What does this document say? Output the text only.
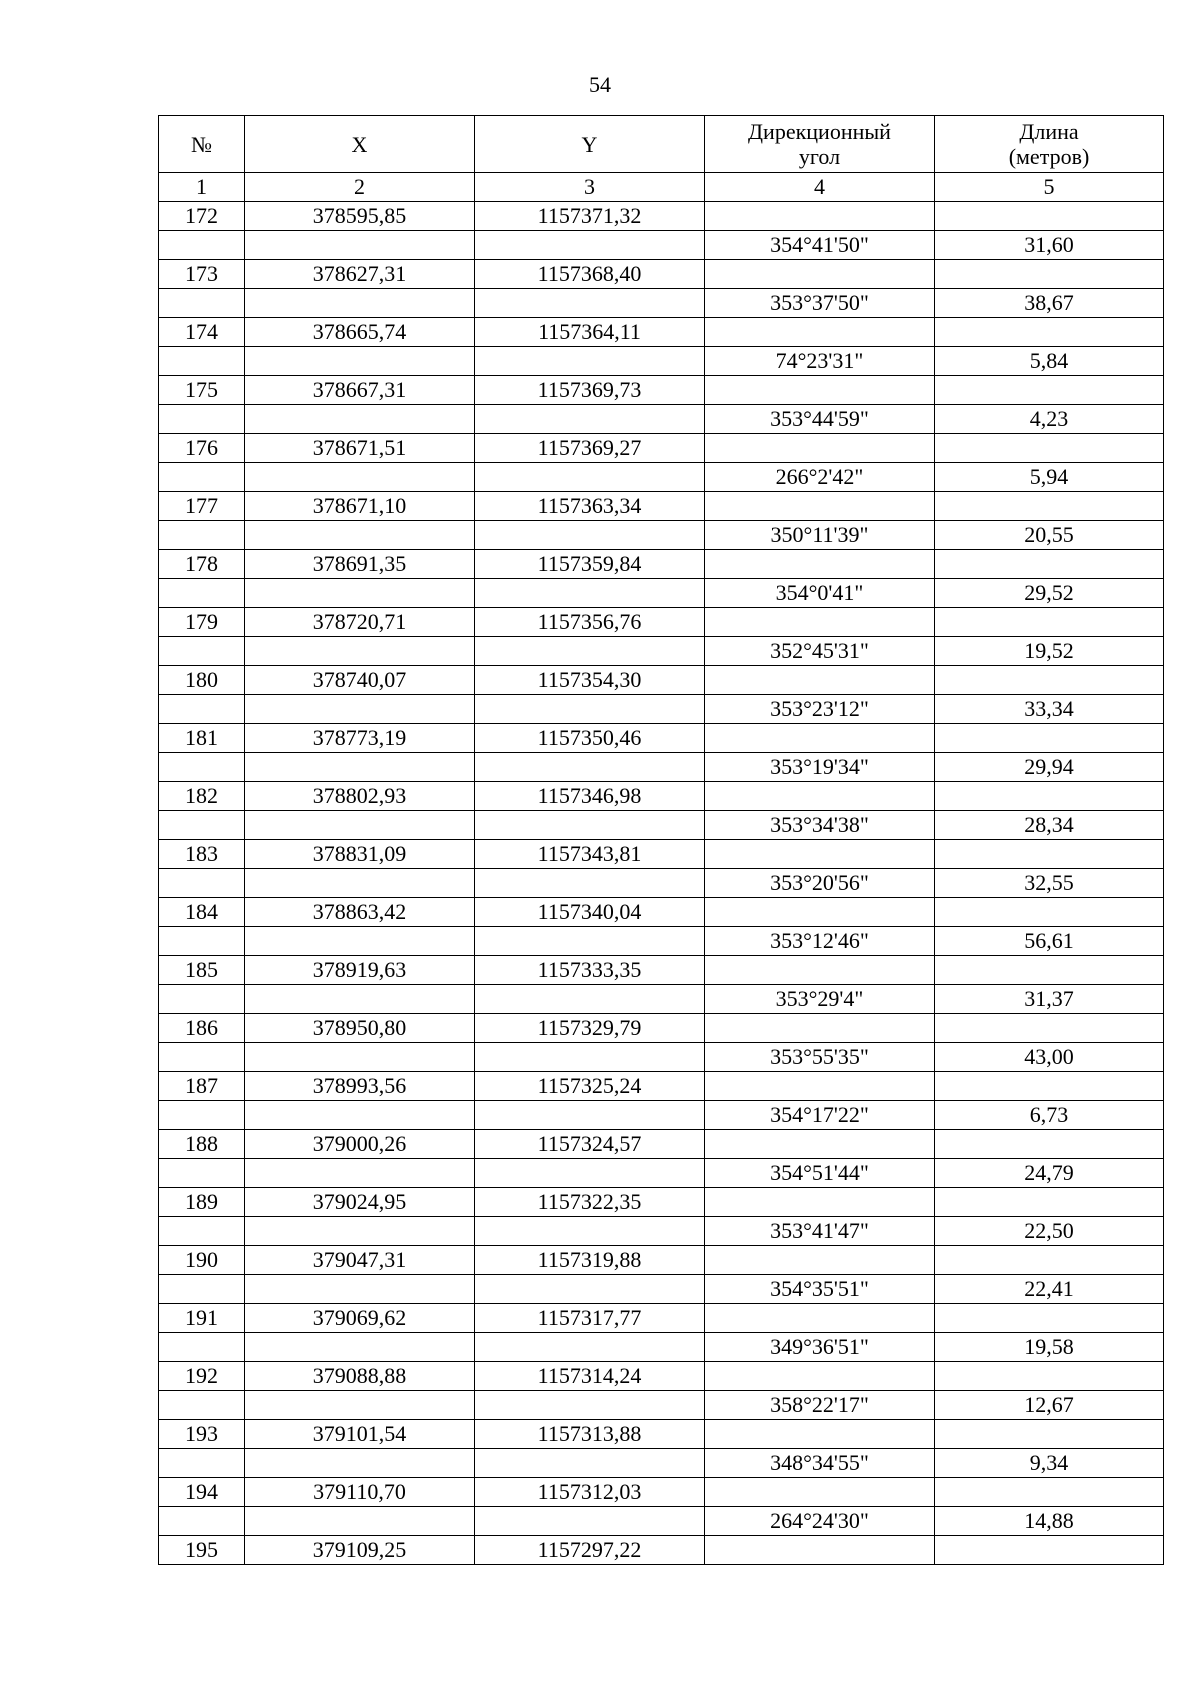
54
№	X	Y	Дирекционный угол	Длина (метров)
1	2	3	4	5
172	378595,85	1157371,32		
			354°41'50"	31,60
173	378627,31	1157368,40		
			353°37'50"	38,67
174	378665,74	1157364,11		
			74°23'31"	5,84
175	378667,31	1157369,73		
			353°44'59"	4,23
176	378671,51	1157369,27		
			266°2'42"	5,94
177	378671,10	1157363,34		
			350°11'39"	20,55
178	378691,35	1157359,84		
			354°0'41"	29,52
179	378720,71	1157356,76		
			352°45'31"	19,52
180	378740,07	1157354,30		
			353°23'12"	33,34
181	378773,19	1157350,46		
			353°19'34"	29,94
182	378802,93	1157346,98		
			353°34'38"	28,34
183	378831,09	1157343,81		
			353°20'56"	32,55
184	378863,42	1157340,04		
			353°12'46"	56,61
185	378919,63	1157333,35		
			353°29'4"	31,37
186	378950,80	1157329,79		
			353°55'35"	43,00
187	378993,56	1157325,24		
			354°17'22"	6,73
188	379000,26	1157324,57		
			354°51'44"	24,79
189	379024,95	1157322,35		
			353°41'47"	22,50
190	379047,31	1157319,88		
			354°35'51"	22,41
191	379069,62	1157317,77		
			349°36'51"	19,58
192	379088,88	1157314,24		
			358°22'17"	12,67
193	379101,54	1157313,88		
			348°34'55"	9,34
194	379110,70	1157312,03		
			264°24'30"	14,88
195	379109,25	1157297,22		
